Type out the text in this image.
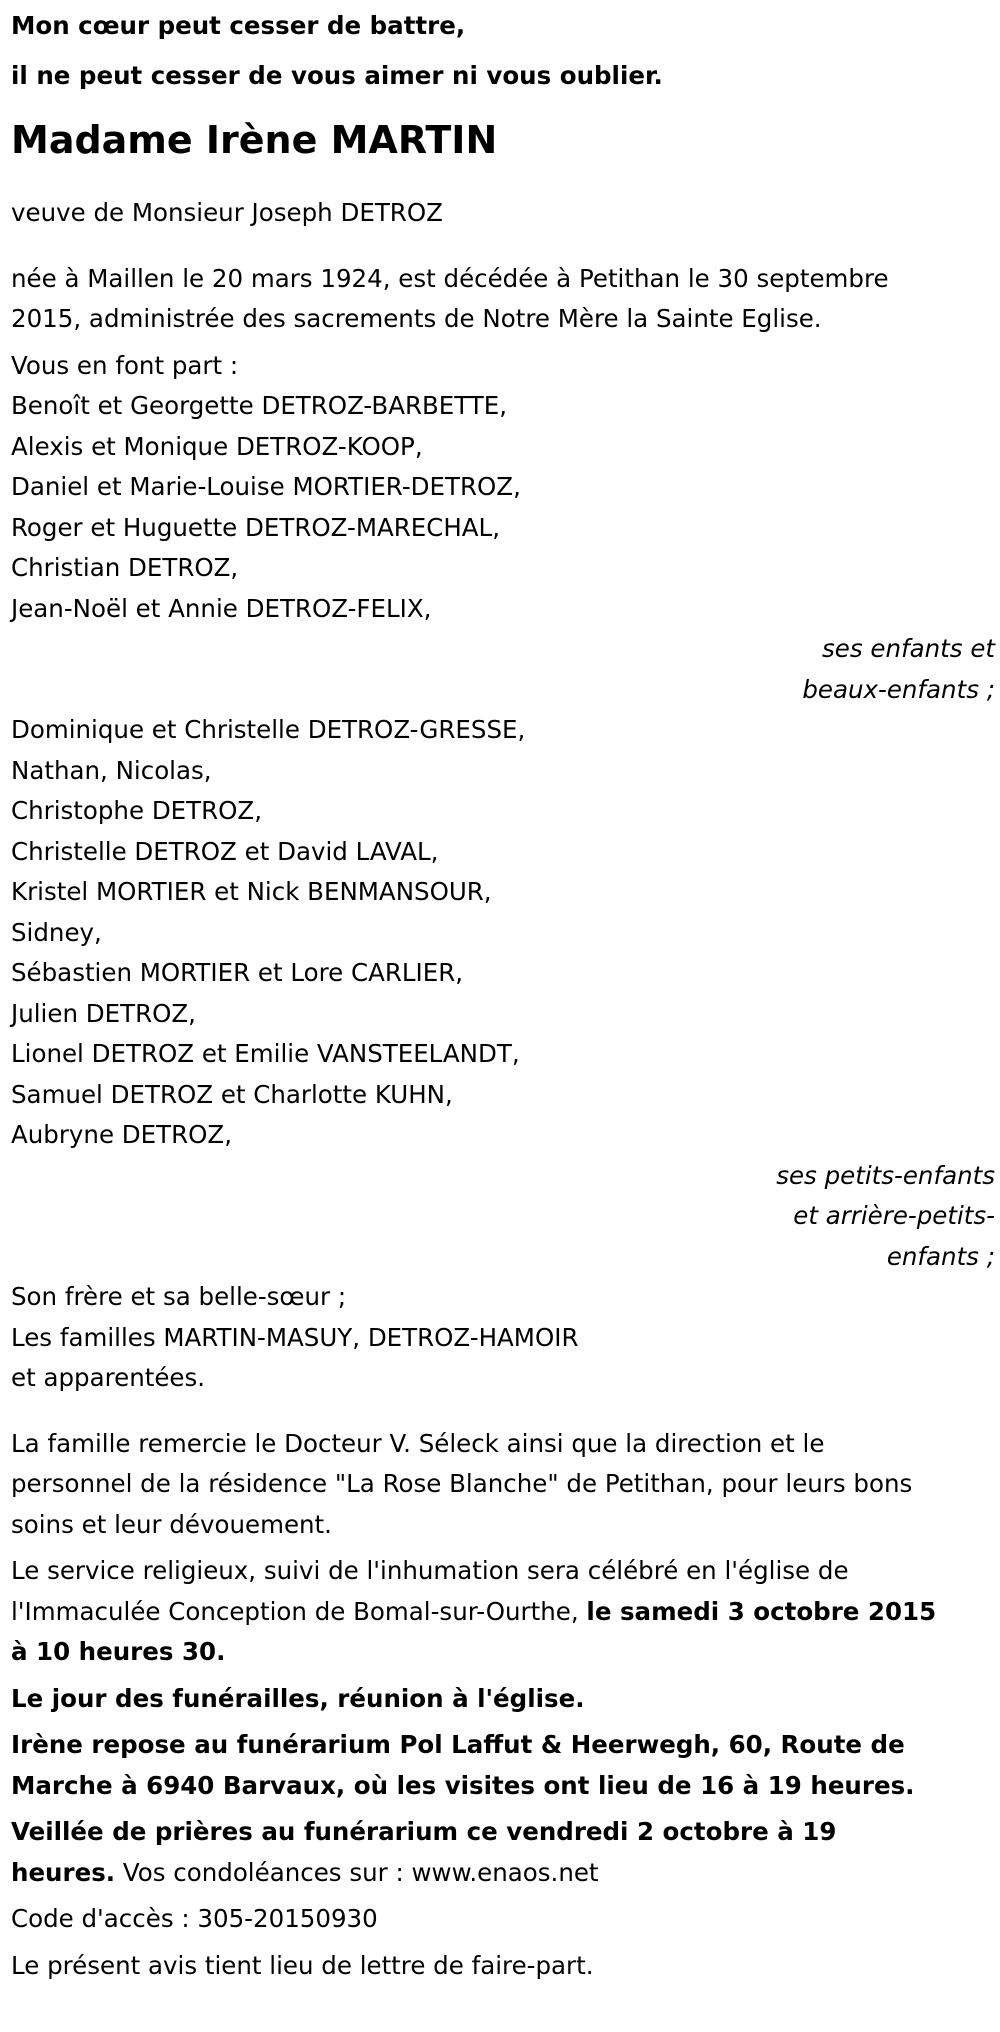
Mon cœur peut cesser de battre,
il ne peut cesser de vous aimer ni vous oublier.
Madame Irène MARTIN

veuve de Monsieur Joseph DETROZ

née à Maillen le 20 mars 1924, est décédée à Petithan le 30 septembre
2015, administrée des sacrements de Notre Mère la Sainte Eglise.
Vous en font part :
Benoît et Georgette DETROZ-BARBETTE,
Alexis et Monique DETROZ-KOOP,
Daniel et Marie-Louise MORTIER-DETROZ,
Roger et Huguette DETROZ-MARECHAL,
Christian DETROZ,
Jean-Noël et Annie DETROZ-FELIX,
ses enfants et
beaux-enfants ;
Dominique et Christelle DETROZ-GRESSE,
Nathan, Nicolas,
Christophe DETROZ,
Christelle DETROZ et David LAVAL,
Kristel MORTIER et Nick BENMANSOUR,
Sidney,
Sébastien MORTIER et Lore CARLIER,
Julien DETROZ,
Lionel DETROZ et Emilie VANSTEELANDT,
Samuel DETROZ et Charlotte KUHN,
Aubryne DETROZ,
ses petits-enfants
et arrière-petits-
enfants ;
Son frère et sa belle-sœur ;
Les familles MARTIN-MASUY, DETROZ-HAMOIR
et apparentées.
La famille remercie le Docteur V. Séleck ainsi que la direction et le
personnel de la résidence "La Rose Blanche" de Petithan, pour leurs bons
soins et leur dévouement.
Le service religieux, suivi de l'inhumation sera célébré en l'église de
l'Immaculée Conception de Bomal-sur-Ourthe, le samedi 3 octobre 2015
à 10 heures 30.

Le jour des funérailles, réunion à l'église.

Irène repose au funérarium Pol Laffut & Heerwegh, 60, Route de
Marche à 6940 Barvaux, où les visites ont lieu de 16 à 19 heures.
Veillée de prières au funérarium ce vendredi 2 octobre à 19
heures. Vos condoléances sur : www.enaos.net

Code d'accès : 305-20150930

Le présent avis tient lieu de lettre de faire-part.
